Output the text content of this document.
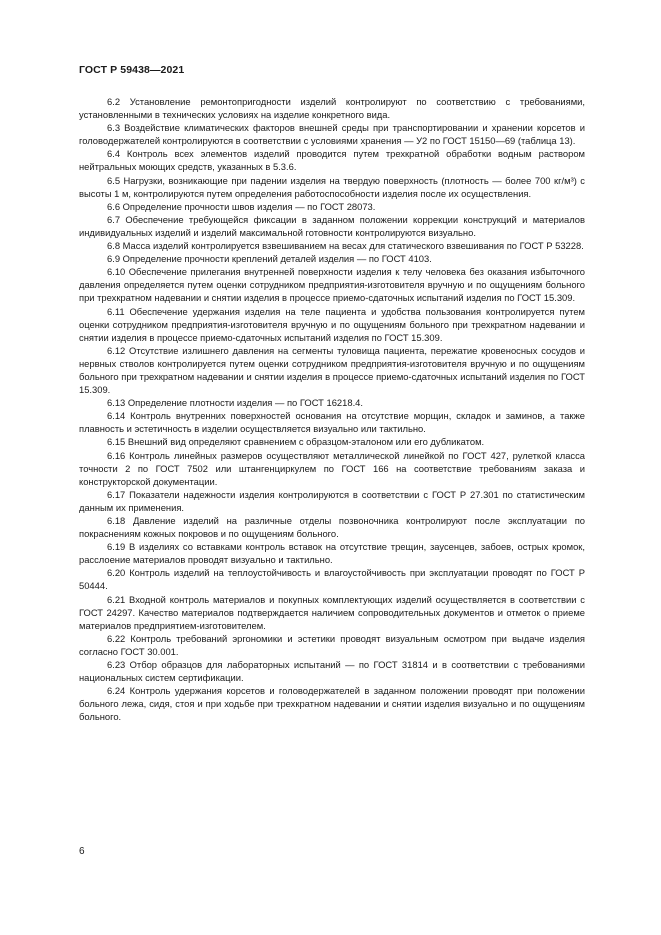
ГОСТ Р 59438—2021

6.2 Установление ремонтопригодности изделий контролируют по соответствию с требованиями, установленными в технических условиях на изделие конкретного вида.

6.3 Воздействие климатических факторов внешней среды при транспортировании и хранении корсетов и головодержателей контролируются в соответствии с условиями хранения — У2 по ГОСТ 15150—69 (таблица 13).

6.4 Контроль всех элементов изделий проводится путем трехкратной обработки водным раствором нейтральных моющих средств, указанных в 5.3.6.

6.5 Нагрузки, возникающие при падении изделия на твердую поверхность (плотность — более 700 кг/м³) с высоты 1 м, контролируются путем определения работоспособности изделия после их осуществления.

6.6 Определение прочности швов изделия — по ГОСТ 28073.

6.7 Обеспечение требующейся фиксации в заданном положении коррекции конструкций и материалов индивидуальных изделий и изделий максимальной готовности контролируются визуально.

6.8 Масса изделий контролируется взвешиванием на весах для статического взвешивания по ГОСТ Р 53228.

6.9 Определение прочности креплений деталей изделия — по ГОСТ 4103.

6.10 Обеспечение прилегания внутренней поверхности изделия к телу человека без оказания избыточного давления определяется путем оценки сотрудником предприятия-изготовителя вручную и по ощущениям больного при трехкратном надевании и снятии изделия в процессе приемо-сдаточных испытаний изделия по ГОСТ 15.309.

6.11 Обеспечение удержания изделия на теле пациента и удобства пользования контролируется путем оценки сотрудником предприятия-изготовителя вручную и по ощущениям больного при трехкратном надевании и снятии изделия в процессе приемо-сдаточных испытаний изделия по ГОСТ 15.309.

6.12 Отсутствие излишнего давления на сегменты туловища пациента, пережатие кровеносных сосудов и нервных стволов контролируется путем оценки сотрудником предприятия-изготовителя вручную и по ощущениям больного при трехкратном надевании и снятии изделия в процессе приемо-сдаточных испытаний изделия по ГОСТ 15.309.

6.13 Определение плотности изделия — по ГОСТ 16218.4.

6.14 Контроль внутренних поверхностей основания на отсутствие морщин, складок и заминов, а также плавность и эстетичность в изделии осуществляется визуально или тактильно.

6.15 Внешний вид определяют сравнением с образцом-эталоном или его дубликатом.

6.16 Контроль линейных размеров осуществляют металлической линейкой по ГОСТ 427, рулеткой класса точности 2 по ГОСТ 7502 или штангенциркулем по ГОСТ 166 на соответствие требованиям заказа и конструкторской документации.

6.17 Показатели надежности изделия контролируются в соответствии с ГОСТ Р 27.301 по статистическим данным их применения.

6.18 Давление изделий на различные отделы позвоночника контролируют после эксплуатации по покраснениям кожных покровов и по ощущениям больного.

6.19 В изделиях со вставками контроль вставок на отсутствие трещин, заусенцев, забоев, острых кромок, расслоение материалов проводят визуально и тактильно.

6.20 Контроль изделий на теплоустойчивость и влагоустойчивость при эксплуатации проводят по ГОСТ Р 50444.

6.21 Входной контроль материалов и покупных комплектующих изделий осуществляется в соответствии с ГОСТ 24297. Качество материалов подтверждается наличием сопроводительных документов и отметок о приеме материалов предприятием-изготовителем.

6.22 Контроль требований эргономики и эстетики проводят визуальным осмотром при выдаче изделия согласно ГОСТ 30.001.

6.23 Отбор образцов для лабораторных испытаний — по ГОСТ 31814 и в соответствии с требованиями национальных систем сертификации.

6.24 Контроль удержания корсетов и головодержателей в заданном положении проводят при положении больного лежа, сидя, стоя и при ходьбе при трехкратном надевании и снятии изделия визуально и по ощущениям больного.

6
